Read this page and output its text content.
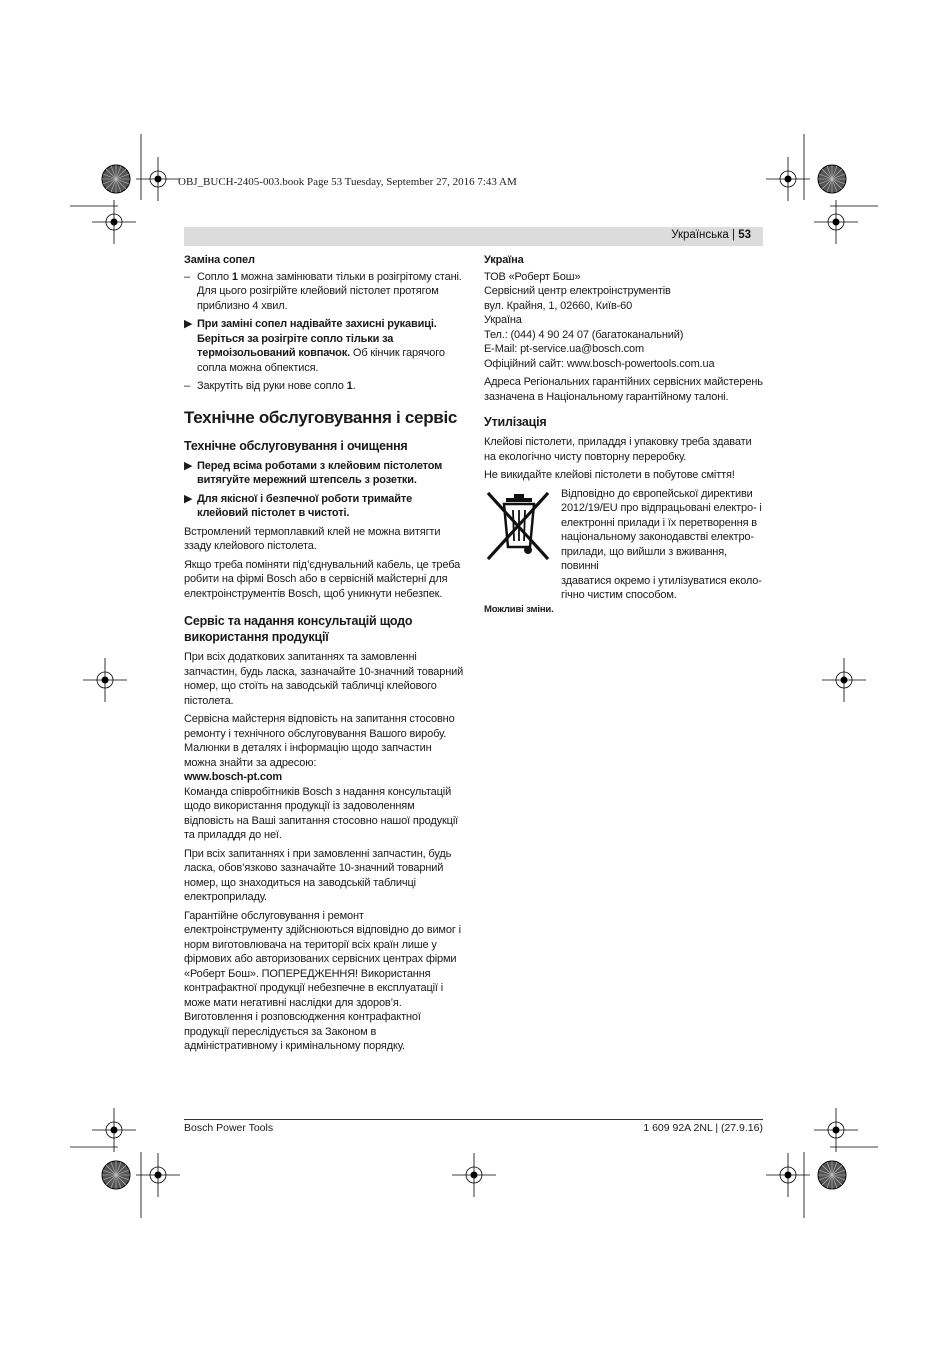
OBJ_BUCH-2405-003.book Page 53 Tuesday, September 27, 2016 7:43 AM
Українська | 53

Заміна сопел

– Сопло 1 можна замінювати тільки в розігрітому стані. Для цього розігрійте клейовий пістолет протягом приблизно 4 хвил.
▶ При заміні сопел надівайте захисні рукавиці. Беріться за розігріте сопло тільки за термоізольований ковпачок. Об кінчик гарячого сопла можна обпектися.
– Закрутіть від руки нове сопло 1.

Технічне обслуговування і сервіс

Технічне обслуговування і очищення

▶ Перед всіма роботами з клейовим пістолетом витягуйте мережний штепсель з розетки.
▶ Для якісної і безпечної роботи тримайте клейовий пістолет в чистоті.

Встромлений термоплавкий клей не можна витягти ззаду клейового пістолета.

Якщо треба поміняти під’єднувальний кабель, це треба робити на фірмі Bosch або в сервісній майстерні для електроінструментів Bosch, щоб уникнути небезпек.

Сервіс та надання консультацій щодо використання продукції

При всіх додаткових запитаннях та замовленні запчастин, будь ласка, зазначайте 10-значний товарний номер, що стоїть на заводській табличці клейового пістолета.

Сервісна майстерня відповість на запитання стосовно ремонту і технічного обслуговування Вашого виробу. Малюнки в деталях і інформацію щодо запчастин можна знайти за адресою:

www.bosch-pt.com

Команда співробітників Bosch з надання консультацій щодо використання продукції із задоволенням відповість на Ваші запитання стосовно нашої продукції та приладдя до неї.

При всіх запитаннях і при замовленні запчастин, будь ласка, обов’язково зазначайте 10-значний товарний номер, що знаходиться на заводській табличці електроприладу.

Гарантійне обслуговування і ремонт електроінструменту здійснюються відповідно до вимог і норм виготовлювача на території всіх країн лише у фірмових або авторизованих сервісних центрах фірми «Роберт Бош». ПОПЕРЕДЖЕННЯ! Використання контрафактної продукції небезпечне в експлуатації і може мати негативні наслідки для здоров’я. Виготовлення і розповсюдження контрафактної продукції переслідується за Законом в адміністративному і кримінальному порядку.

Україна

ТОВ «Роберт Бош»
Сервісний центр електроінструментів
вул. Крайня, 1, 02660, Київ-60
Україна
Тел.: (044) 4 90 24 07 (багатоканальний)
E-Mail: pt-service.ua@bosch.com
Офіційний сайт: www.bosch-powertools.com.ua

Адреса Регіональних гарантійних сервісних майстерень зазначена в Національному гарантійному талоні.

Утилізація

Клейові пістолети, приладдя і упаковку треба здавати на екологічно чисту повторну переробку.

Не викидайте клейові пістолети в побутове сміття!

Відповідно до європейської директиви
2012/19/EU про відпрацьовані електро- і
електронні прилади і їх перетворення в
національному законодавстві електро-
прилади, що вийшли з вживання, повинні
здаватися окремо і утилізуватися еколо-
гічно чистим способом.

Можливі зміни.

Bosch Power Tools	1 609 92A 2NL | (27.9.16)
